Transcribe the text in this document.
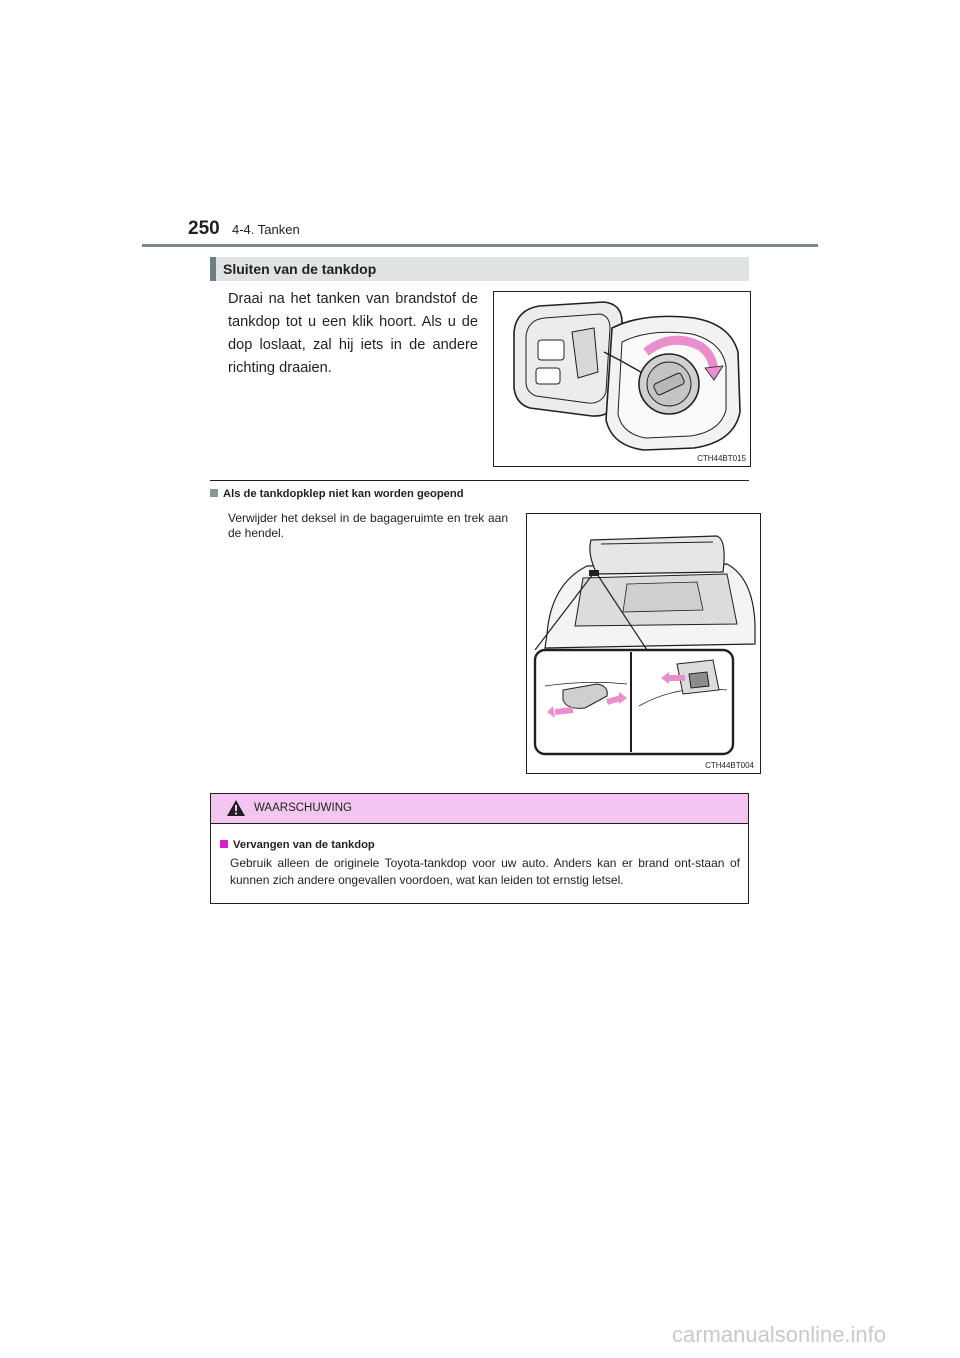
250 4-4. Tanken
Sluiten van de tankdop
Draai na het tanken van brandstof de tankdop tot u een klik hoort. Als u de dop loslaat, zal hij iets in de andere richting draaien.
CTH44BT015
Als de tankdopklep niet kan worden geopend
Verwijder het deksel in de bagageruimte en trek aan de hendel.
CTH44BT004
WAARSCHUWING
Vervangen van de tankdop
Gebruik alleen de originele Toyota-tankdop voor uw auto. Anders kan er brand ont-staan of kunnen zich andere ongevallen voordoen, wat kan leiden tot ernstig letsel.
carmanualsonline.info
